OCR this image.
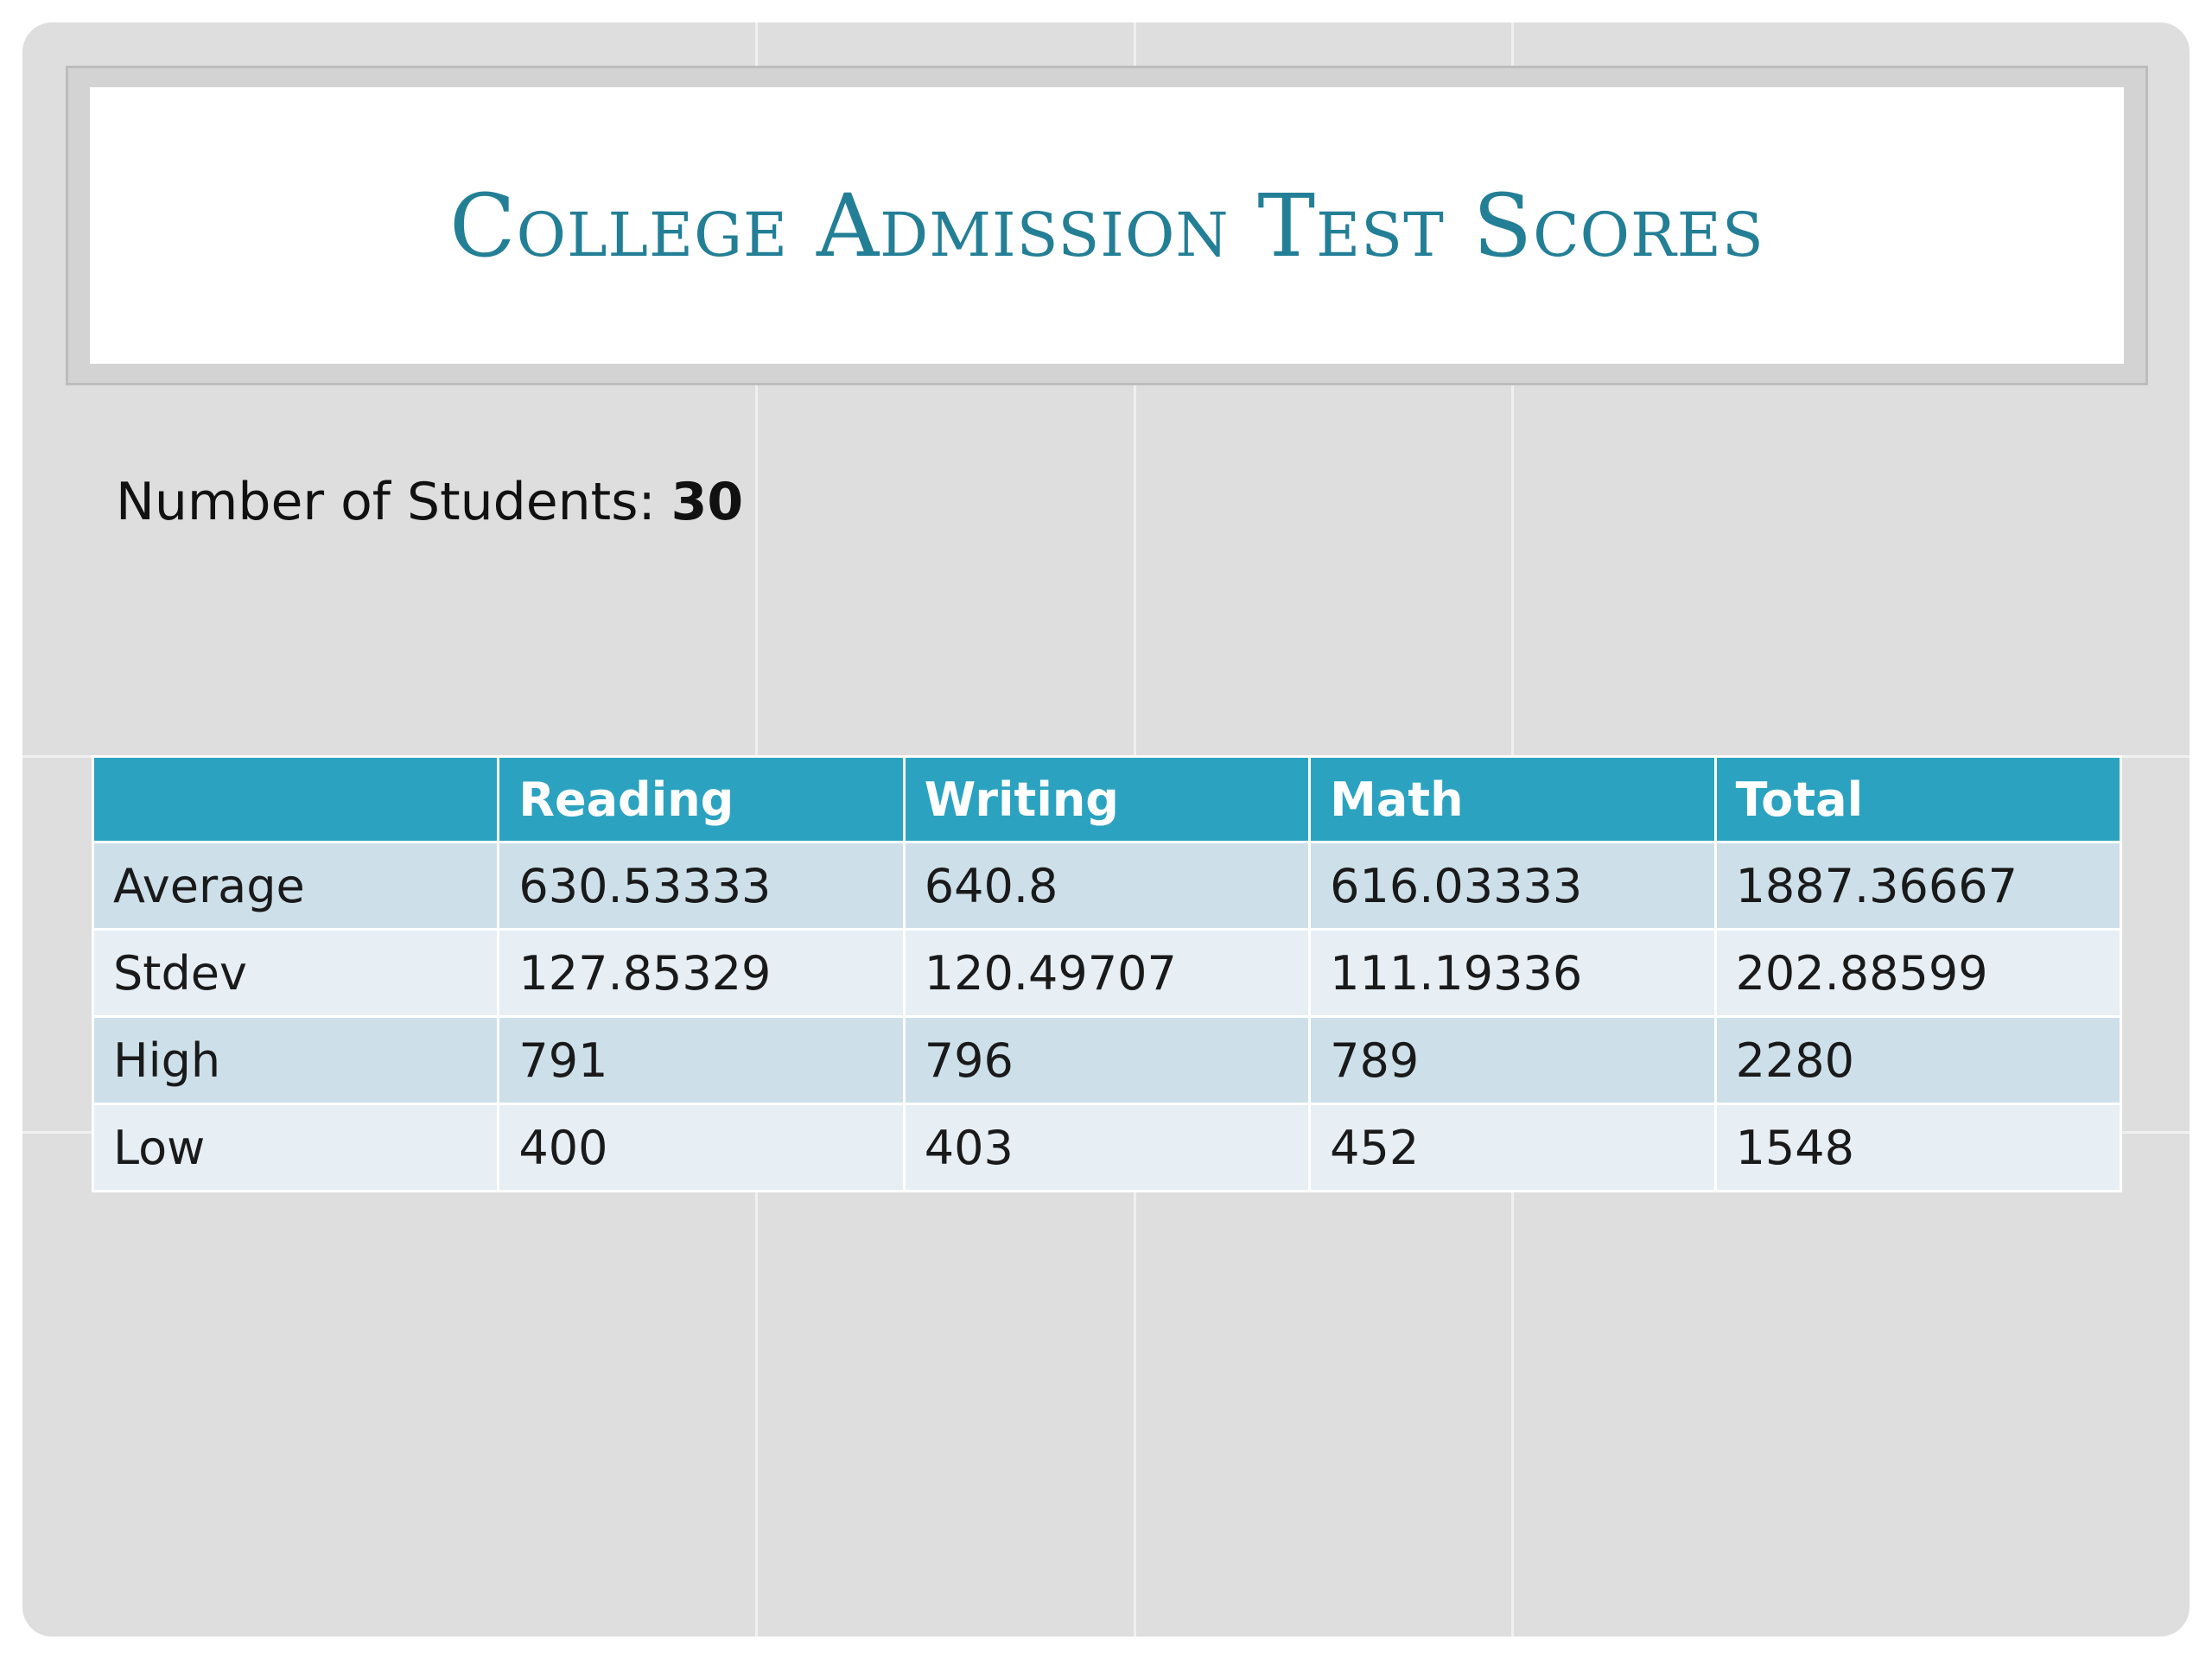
College Admission Test Scores
Number of Students: 30
	Reading	Writing	Math	Total
Average	630.53333	640.8	616.03333	1887.36667
Stdev	127.85329	120.49707	111.19336	202.88599
High	791	796	789	2280
Low	400	403	452	1548
